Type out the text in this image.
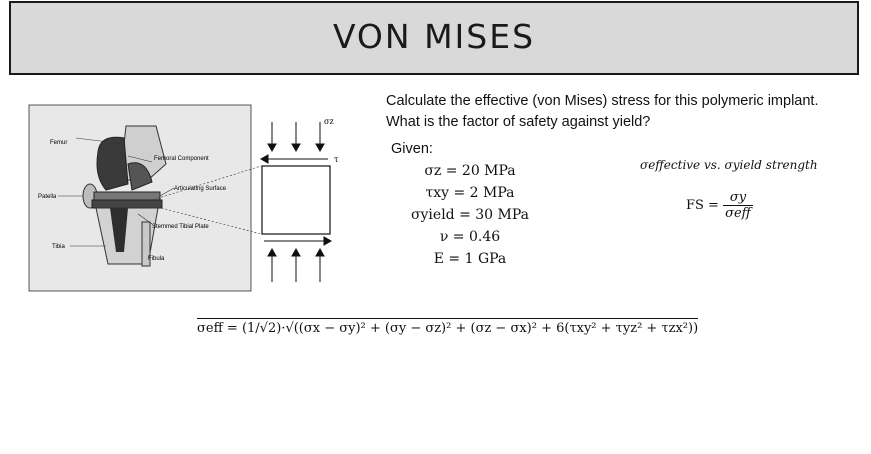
VON MISES
Femur
Femoral Component
Patella
Articulating Surface
Stemmed Tibial Plate
Tibia
Fibula
σz
τ
Calculate the effective (von Mises) stress for this polymeric implant. What is the factor of safety against yield?
Given:
σz = 20 MPa
τxy = 2 MPa
σyield = 30 MPa
ν = 0.46
E = 1 GPa
σeffective vs. σyield strength
FS = $\frac{\sigma y}{\text{σeff}}$
σeff = (1/√2)·√((σx − σy)² + (σy − σz)² + (σz − σx)² + 6(τxy² + τyz² + τzx²))
